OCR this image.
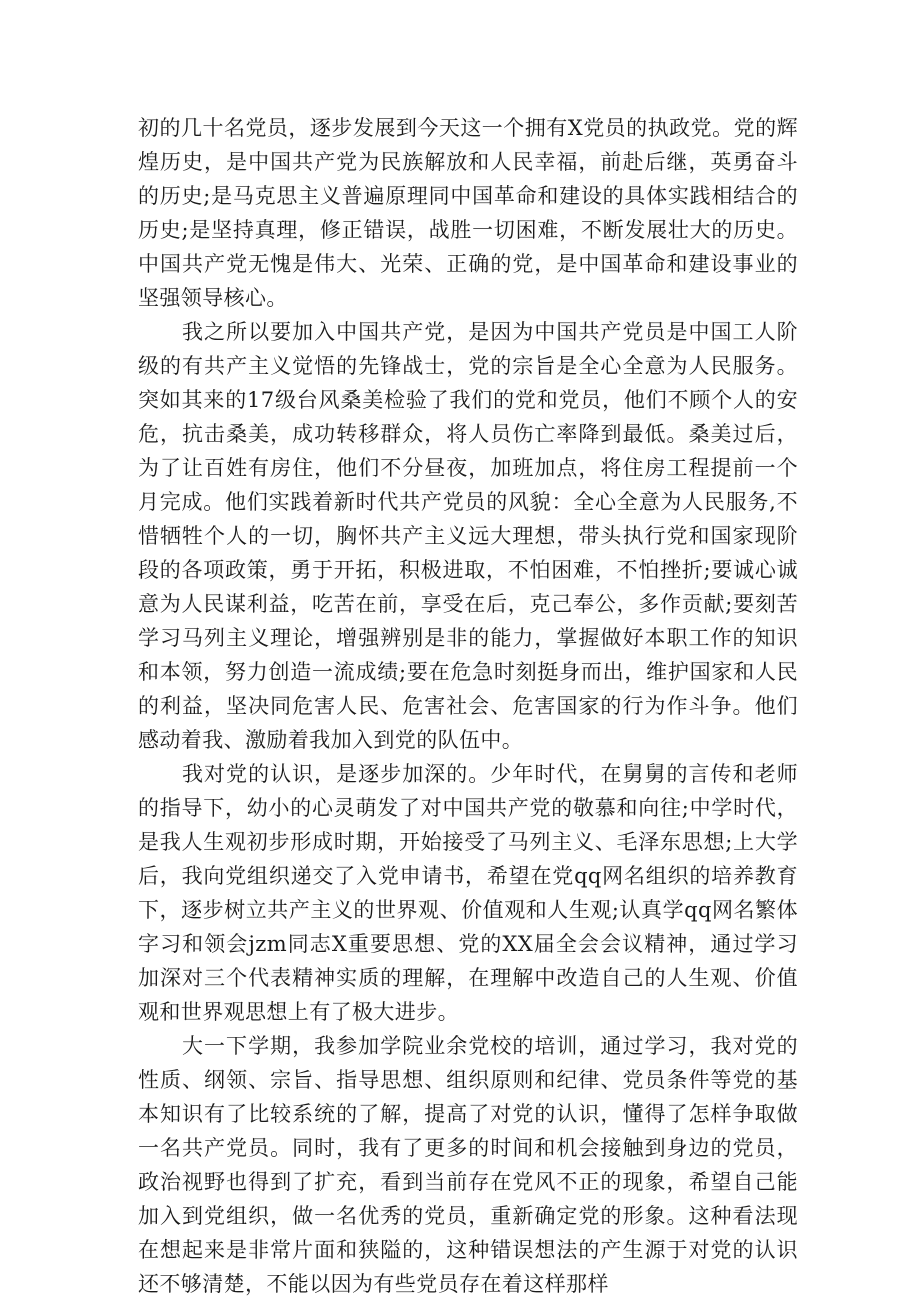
初的几十名党员，逐步发展到今天这一个拥有X党员的执政党。党的辉煌历史，是中国共产党为民族解放和人民幸福，前赴后继，英勇奋斗的历史;是马克思主义普遍原理同中国革命和建设的具体实践相结合的历史;是坚持真理，修正错误，战胜一切困难，不断发展壮大的历史。中国共产党无愧是伟大、光荣、正确的党，是中国革命和建设事业的坚强领导核心。

我之所以要加入中国共产党，是因为中国共产党员是中国工人阶级的有共产主义觉悟的先锋战士，党的宗旨是全心全意为人民服务。突如其来的17级台风桑美检验了我们的党和党员，他们不顾个人的安危，抗击桑美，成功转移群众，将人员伤亡率降到最低。桑美过后，为了让百姓有房住，他们不分昼夜，加班加点，将住房工程提前一个月完成。他们实践着新时代共产党员的风貌：全心全意为人民服务,不惜牺牲个人的一切，胸怀共产主义远大理想，带头执行党和国家现阶段的各项政策，勇于开拓，积极进取，不怕困难，不怕挫折;要诚心诚意为人民谋利益，吃苦在前，享受在后，克己奉公，多作贡献;要刻苦学习马列主义理论，增强辨别是非的能力，掌握做好本职工作的知识和本领，努力创造一流成绩;要在危急时刻挺身而出，维护国家和人民的利益，坚决同危害人民、危害社会、危害国家的行为作斗争。他们感动着我、激励着我加入到党的队伍中。

我对党的认识，是逐步加深的。少年时代，在舅舅的言传和老师的指导下，幼小的心灵萌发了对中国共产党的敬慕和向往;中学时代，是我人生观初步形成时期，开始接受了马列主义、毛泽东思想;上大学后，我向党组织递交了入党申请书，希望在党qq网名组织的培养教育下，逐步树立共产主义的世界观、价值观和人生观;认真学qq网名繁体字习和领会jzm同志X重要思想、党的XX届全会会议精神，通过学习加深对三个代表精神实质的理解，在理解中改造自己的人生观、价值观和世界观思想上有了极大进步。

大一下学期，我参加学院业余党校的培训，通过学习，我对党的性质、纲领、宗旨、指导思想、组织原则和纪律、党员条件等党的基本知识有了比较系统的了解，提高了对党的认识，懂得了怎样争取做一名共产党员。同时，我有了更多的时间和机会接触到身边的党员，政治视野也得到了扩充，看到当前存在党风不正的现象，希望自己能加入到党组织，做一名优秀的党员，重新确定党的形象。这种看法现在想起来是非常片面和狭隘的，这种错误想法的产生源于对党的认识还不够清楚，不能以因为有些党员存在着这样那样
